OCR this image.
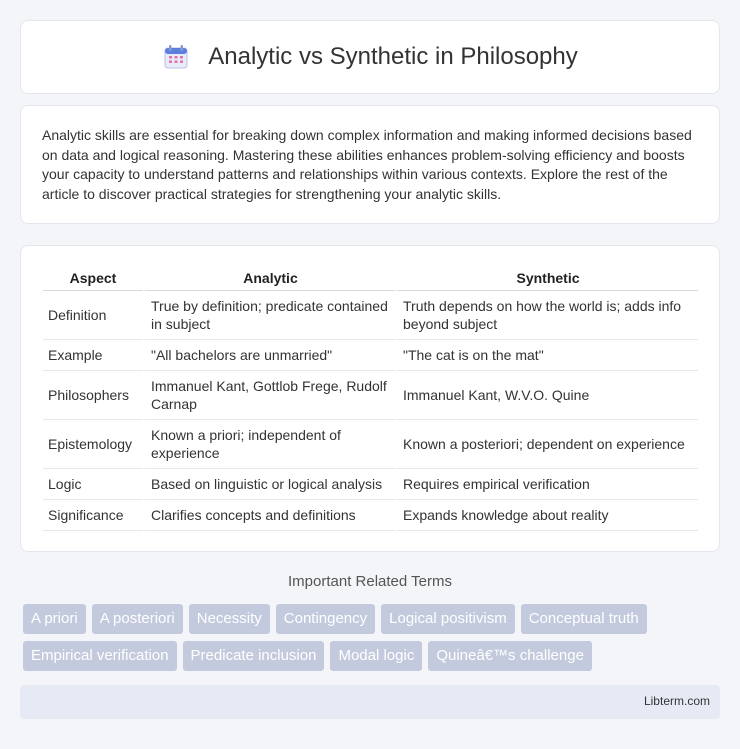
Analytic vs Synthetic in Philosophy

Analytic skills are essential for breaking down complex information and making informed decisions based on data and logical reasoning. Mastering these abilities enhances problem-solving efficiency and boosts your capacity to understand patterns and relationships within various contexts. Explore the rest of the article to discover practical strategies for strengthening your analytic skills.

Aspect	Analytic	Synthetic
Definition	True by definition; predicate contained in subject	Truth depends on how the world is; adds info beyond subject
Example	"All bachelors are unmarried"	"The cat is on the mat"
Philosophers	Immanuel Kant, Gottlob Frege, Rudolf Carnap	Immanuel Kant, W.V.O. Quine
Epistemology	Known a priori; independent of experience	Known a posteriori; dependent on experience
Logic	Based on linguistic or logical analysis	Requires empirical verification
Significance	Clarifies concepts and definitions	Expands knowledge about reality
Important Related Terms
A priori A posteriori Necessity Contingency Logical positivism Conceptual truth
Empirical verification Predicate inclusion Modal logic Quineâ€™s challenge
Libterm.com
